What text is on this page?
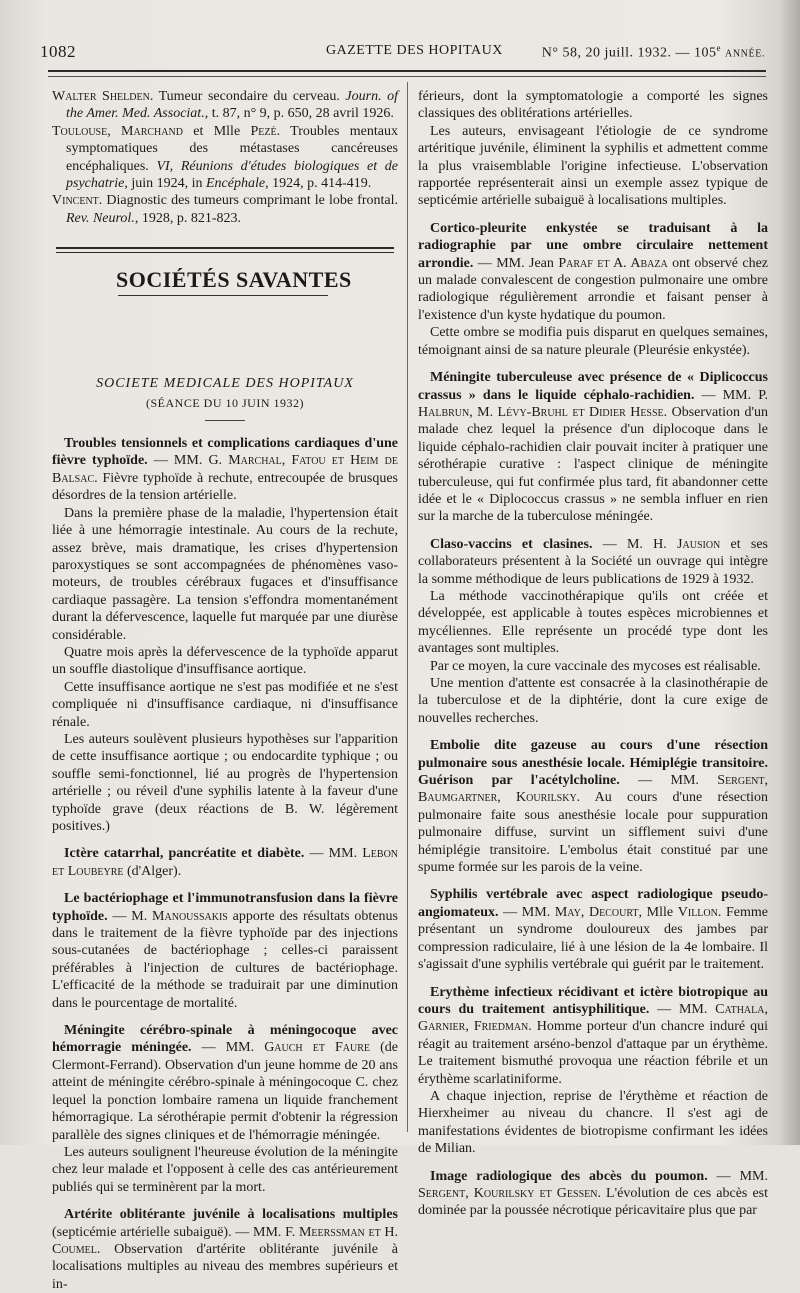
1082	GAZETTE DES HOPITAUX	N° 58, 20 juill. 1932. — 105e ANNÉE.

Walter Shelden. Tumeur secondaire du cerveau. Journ. of the Amer. Med. Associat., t. 87, n° 9, p. 650, 28 avril 1926.

Toulouse, Marchand et Mlle Pezé. Troubles mentaux symptomatiques des métastases cancéreuses encéphaliques. VI, Réunions d'études biologiques et de psychatrie, juin 1924, in Encéphale, 1924, p. 414-419.

Vincent. Diagnostic des tumeurs comprimant le lobe frontal. Rev. Neurol., 1928, p. 821-823.

SOCIÉTÉS SAVANTES
SOCIETE MEDICALE DES HOPITAUX
(SÉANCE DU 10 JUIN 1932)

Troubles tensionnels et complications cardiaques d'une fièvre typhoïde. — MM. G. Marchal, Fatou et Heim de Balsac. Fièvre typhoïde à rechute, entrecoupée de brusques désordres de la tension artérielle.

Dans la première phase de la maladie, l'hypertension était liée à une hémorragie intestinale. Au cours de la rechute, assez brève, mais dramatique, les crises d'hypertension paroxystiques se sont accompagnées de phénomènes vaso-moteurs, de troubles cérébraux fugaces et d'insuffisance cardiaque passagère. La tension s'effondra momentanément durant la défervescence, laquelle fut marquée par une diurèse considérable.

Quatre mois après la défervescence de la typhoïde apparut un souffle diastolique d'insuffisance aortique.

Cette insuffisance aortique ne s'est pas modifiée et ne s'est compliquée ni d'insuffisance cardiaque, ni d'insuffisance rénale.

Les auteurs soulèvent plusieurs hypothèses sur l'apparition de cette insuffisance aortique ; ou endocardite typhique ; ou souffle semi-fonctionnel, lié au progrès de l'hypertension artérielle ; ou réveil d'une syphilis latente à la faveur d'une typhoïde grave (deux réactions de B. W. légèrement positives.)

Ictère catarrhal, pancréatite et diabète. — MM. Lebon et Loubeyre (d'Alger).

Le bactériophage et l'immunotransfusion dans la fièvre typhoïde. — M. Manoussakis apporte des résultats obtenus dans le traitement de la fièvre typhoïde par des injections sous-cutanées de bactériophage ; celles-ci paraissent préférables à l'injection de cultures de bactériophage. L'efficacité de la méthode se traduirait par une diminution dans le pourcentage de mortalité.

Méningite cérébro-spinale à méningocoque avec hémorragie méningée. — MM. Gauch et Faure (de Clermont-Ferrand). Observation d'un jeune homme de 20 ans atteint de méningite cérébro-spinale à méningocoque C. chez lequel la ponction lombaire ramena un liquide franchement hémorragique. La sérothérapie permit d'obtenir la régression parallèle des signes cliniques et de l'hémorragie méningée.

Les auteurs soulignent l'heureuse évolution de la méningite chez leur malade et l'opposent à celle des cas antérieurement publiés qui se terminèrent par la mort.

Artérite oblitérante juvénile à localisations multiples (septicémie artérielle subaiguë). — MM. F. Meerssman et H. Coumel. Observation d'artérite oblitérante juvénile à localisations multiples au niveau des membres supérieurs et in-

férieurs, dont la symptomatologie a comporté les signes classiques des oblitérations artérielles.

Les auteurs, envisageant l'étiologie de ce syndrome artéritique juvénile, éliminent la syphilis et admettent comme la plus vraisemblable l'origine infectieuse. L'observation rapportée représenterait ainsi un exemple assez typique de septicémie artérielle subaiguë à localisations multiples.

Cortico-pleurite enkystée se traduisant à la radiographie par une ombre circulaire nettement arrondie. — MM. Jean Paraf et A. Abaza ont observé chez un malade convalescent de congestion pulmonaire une ombre radiologique régulièrement arrondie et faisant penser à l'existence d'un kyste hydatique du poumon.

Cette ombre se modifia puis disparut en quelques semaines, témoignant ainsi de sa nature pleurale (Pleurésie enkystée).

Méningite tuberculeuse avec présence de « Diplicoccus crassus » dans le liquide céphalo-rachidien. — MM. P. Halbrun, M. Lévy-Bruhl et Didier Hesse. Observation d'un malade chez lequel la présence d'un diplocoque dans le liquide céphalo-rachidien clair pouvait inciter à pratiquer une sérothérapie curative : l'aspect clinique de méningite tuberculeuse, qui fut confirmée plus tard, fit abandonner cette idée et le « Diplococcus crassus » ne sembla influer en rien sur la marche de la tuberculose méningée.

Claso-vaccins et clasines. — M. H. Jausion et ses collaborateurs présentent à la Société un ouvrage qui intègre la somme méthodique de leurs publications de 1929 à 1932.

La méthode vaccinothérapique qu'ils ont créée et développée, est applicable à toutes espèces microbiennes et mycéliennes. Elle représente un procédé type dont les avantages sont multiples.

Par ce moyen, la cure vaccinale des mycoses est réalisable.

Une mention d'attente est consacrée à la clasinothérapie de la tuberculose et de la diphtérie, dont la cure exige de nouvelles recherches.

Embolie dite gazeuse au cours d'une résection pulmonaire sous anesthésie locale. Hémiplégie transitoire. Guérison par l'acétylcholine. — MM. Sergent, Baumgartner, Kourilsky. Au cours d'une résection pulmonaire faite sous anesthésie locale pour suppuration pulmonaire diffuse, survint un sifflement suivi d'une hémiplégie transitoire. L'embolus était constitué par une spume formée sur les parois de la veine.

Syphilis vertébrale avec aspect radiologique pseudo-angiomateux. — MM. May, Decourt, Mlle Villon. Femme présentant un syndrome douloureux des jambes par compression radiculaire, lié à une lésion de la 4e lombaire. Il s'agissait d'une syphilis vertébrale qui guérit par le traitement.

Erythème infectieux récidivant et ictère biotropique au cours du traitement antisyphilitique. — MM. Cathala, Garnier, Friedman. Homme porteur d'un chancre induré qui réagit au traitement arséno-benzol d'attaque par un érythème. Le traitement bismuthé provoqua une réaction fébrile et un érythème scarlatiniforme.

A chaque injection, reprise de l'érythème et réaction de Hierxheimer au niveau du chancre. Il s'est agi de manifestations évidentes de biotropisme confirmant les idées de Milian.

Image radiologique des abcès du poumon. — MM. Sergent, Kourilsky et Gessen. L'évolution de ces abcès est dominée par la poussée nécrotique péricavitaire plus que par
